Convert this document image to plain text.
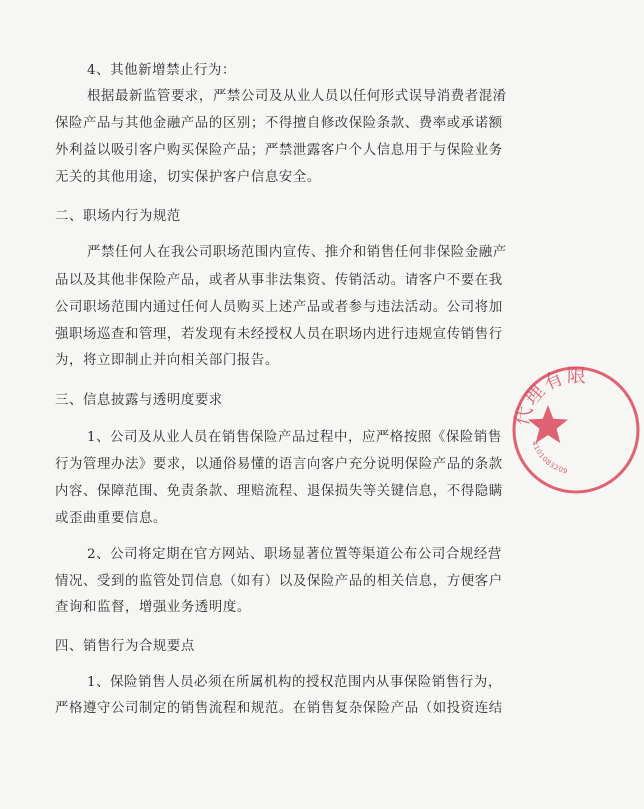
4、其他新增禁止行为：
根据最新监管要求，严禁公司及从业人员以任何形式误导消费者混淆
保险产品与其他金融产品的区别；不得擅自修改保险条款、费率或承诺额
外利益以吸引客户购买保险产品；严禁泄露客户个人信息用于与保险业务
无关的其他用途，切实保护客户信息安全。
二、职场内行为规范
严禁任何人在我公司职场范围内宣传、推介和销售任何非保险金融产
品以及其他非保险产品，或者从事非法集资、传销活动。请客户不要在我
公司职场范围内通过任何人员购买上述产品或者参与违法活动。公司将加
强职场巡查和管理，若发现有未经授权人员在职场内进行违规宣传销售行
为，将立即制止并向相关部门报告。
三、信息披露与透明度要求
1、公司及从业人员在销售保险产品过程中，应严格按照《保险销售
行为管理办法》要求，以通俗易懂的语言向客户充分说明保险产品的条款
内容、保障范围、免责条款、理赔流程、退保损失等关键信息，不得隐瞒
或歪曲重要信息。
2、公司将定期在官方网站、职场显著位置等渠道公布公司合规经营
情况、受到的监管处罚信息（如有）以及保险产品的相关信息，方便客户
查询和监督，增强业务透明度。
四、销售行为合规要点
1、保险销售人员必须在所属机构的授权范围内从事保险销售行为，
严格遵守公司制定的销售流程和规范。在销售复杂保险产品（如投资连结
代理有限
4101083209
